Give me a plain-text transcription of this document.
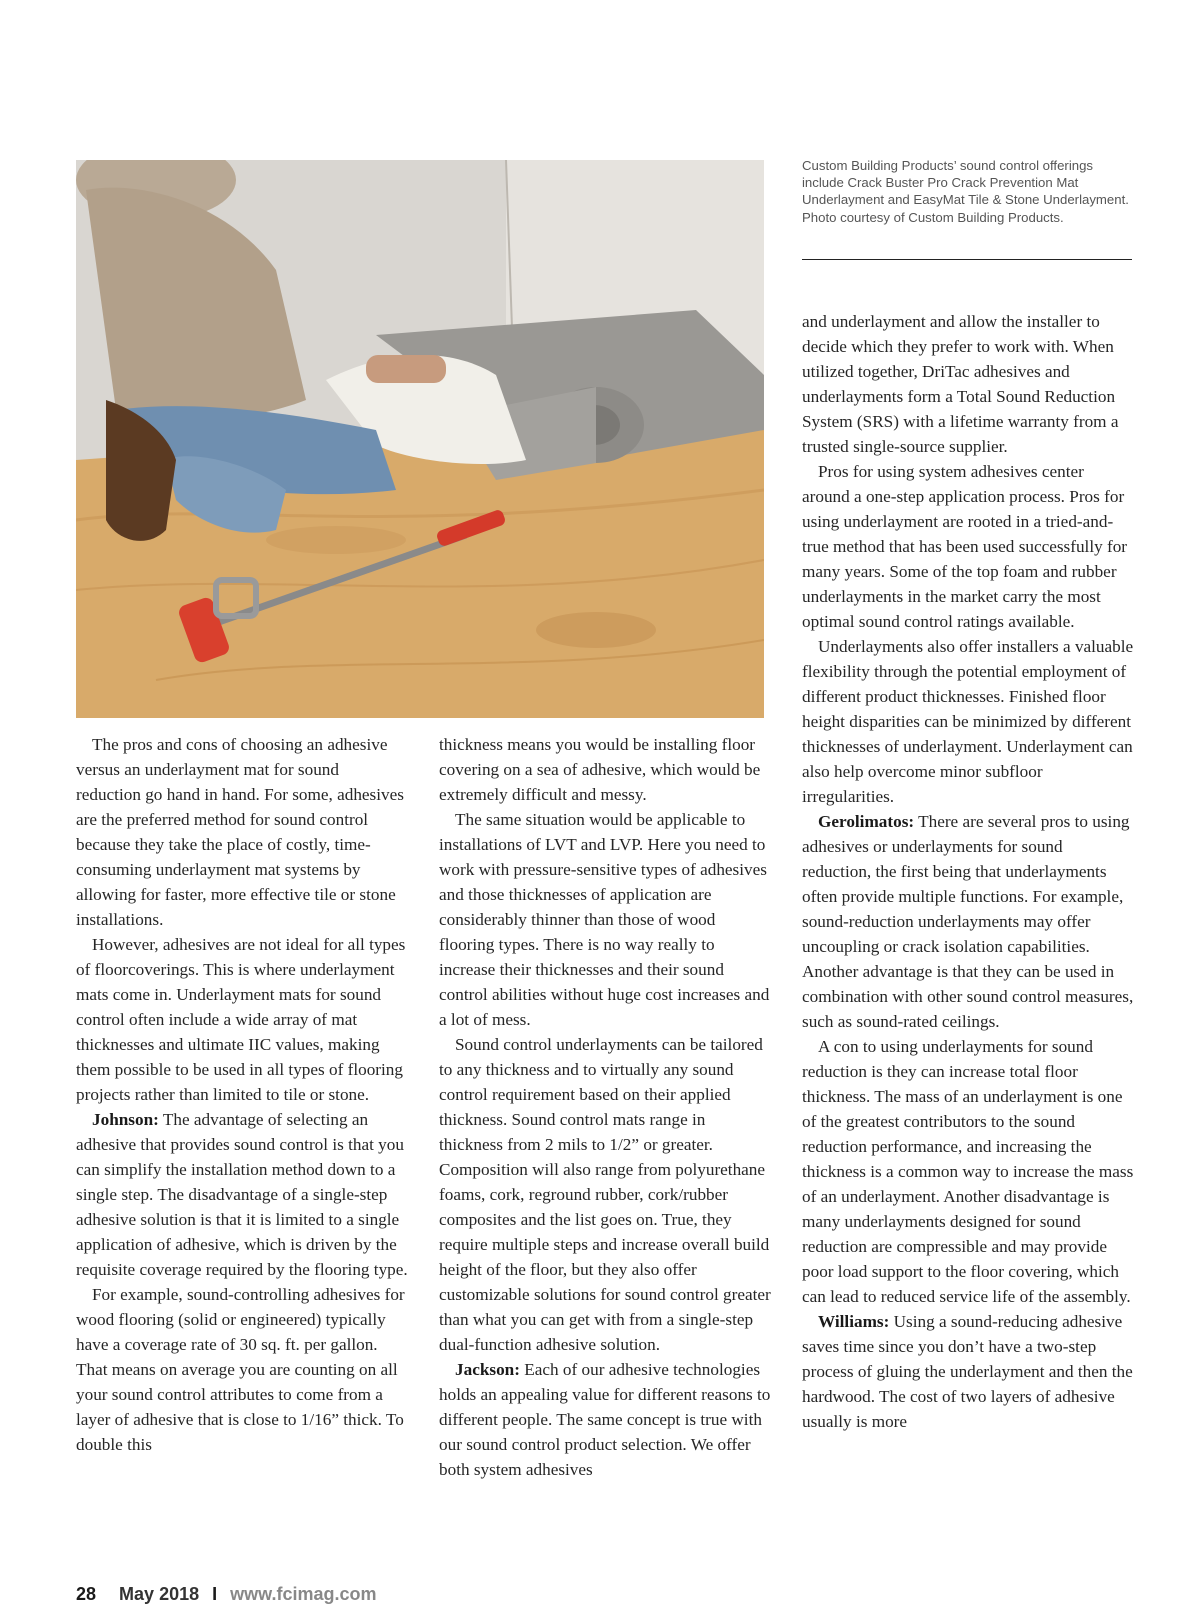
Custom Building Products’ sound control offerings include Crack Buster Pro Crack Prevention Mat Underlayment and EasyMat Tile & Stone Underlayment. Photo courtesy of Custom Building Products.

The pros and cons of choosing an adhesive versus an underlayment mat for sound reduction go hand in hand. For some, adhesives are the preferred method for sound control because they take the place of costly, time-consuming underlayment mat systems by allowing for faster, more effective tile or stone installations.

However, adhesives are not ideal for all types of floorcoverings. This is where underlayment mats come in. Underlayment mats for sound control often include a wide array of mat thicknesses and ultimate IIC values, making them possible to be used in all types of flooring projects rather than limited to tile or stone.

Johnson: The advantage of selecting an adhesive that provides sound control is that you can simplify the installation method down to a single step. The disadvantage of a single-step adhesive solution is that it is limited to a single application of adhesive, which is driven by the requisite coverage required by the flooring type.

For example, sound-controlling adhesives for wood flooring (solid or engineered) typically have a coverage rate of 30 sq. ft. per gallon. That means on average you are counting on all your sound control attributes to come from a layer of adhesive that is close to 1/16” thick. To double this

thickness means you would be installing floor covering on a sea of adhesive, which would be extremely difficult and messy.

The same situation would be applicable to installations of LVT and LVP. Here you need to work with pressure-sensitive types of adhesives and those thicknesses of application are considerably thinner than those of wood flooring types. There is no way really to increase their thicknesses and their sound control abilities without huge cost increases and a lot of mess.

Sound control underlayments can be tailored to any thickness and to virtually any sound control requirement based on their applied thickness. Sound control mats range in thickness from 2 mils to 1/2” or greater. Composition will also range from polyurethane foams, cork, reground rubber, cork/rubber composites and the list goes on. True, they require multiple steps and increase overall build height of the floor, but they also offer customizable solutions for sound control greater than what you can get with from a single-step dual-function adhesive solution.

Jackson: Each of our adhesive technologies holds an appealing value for different reasons to different people. The same concept is true with our sound control product selection. We offer both system adhesives

and underlayment and allow the installer to decide which they prefer to work with. When utilized together, DriTac adhesives and underlayments form a Total Sound Reduction System (SRS) with a lifetime warranty from a trusted single-source supplier.

Pros for using system adhesives center around a one-step application process. Pros for using underlayment are rooted in a tried-and-true method that has been used successfully for many years. Some of the top foam and rubber underlayments in the market carry the most optimal sound control ratings available.

Underlayments also offer installers a valuable flexibility through the potential employment of different product thicknesses. Finished floor height disparities can be minimized by different thicknesses of underlayment. Underlayment can also help overcome minor subfloor irregularities.

Gerolimatos: There are several pros to using adhesives or underlayments for sound reduction, the first being that underlayments often provide multiple functions. For example, sound-reduction underlayments may offer uncoupling or crack isolation capabilities. Another advantage is that they can be used in combination with other sound control measures, such as sound-rated ceilings.

A con to using underlayments for sound reduction is they can increase total floor thickness. The mass of an underlayment is one of the greatest contributors to the sound reduction performance, and increasing the thickness is a common way to increase the mass of an underlayment. Another disadvantage is many underlayments designed for sound reduction are compressible and may provide poor load support to the floor covering, which can lead to reduced service life of the assembly.

Williams: Using a sound-reducing adhesive saves time since you don’t have a two-step process of gluing the underlayment and then the hardwood. The cost of two layers of adhesive usually is more

28 May 2018 I www.fcimag.com
